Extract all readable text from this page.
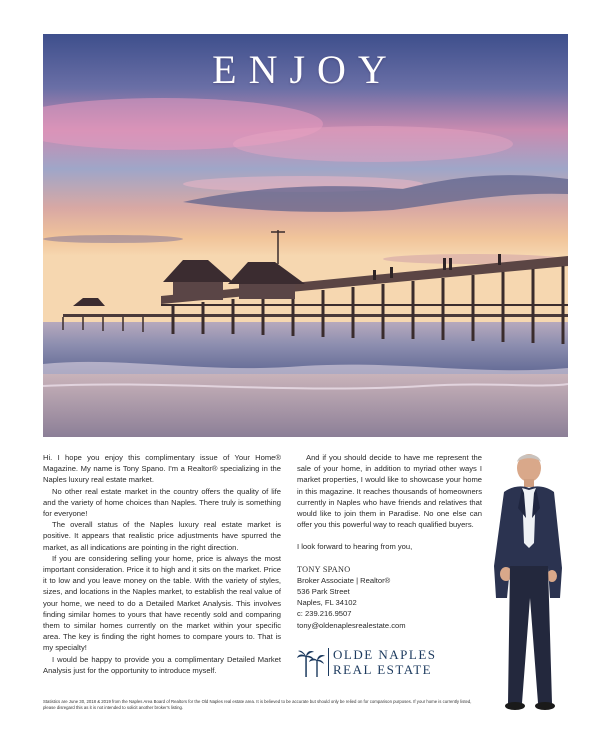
ENJOY

Hi. I hope you enjoy this complimentary issue of Your Home® Magazine. My name is Tony Spano. I'm a Realtor® specializing in the Naples luxury real estate market.

No other real estate market in the country offers the quality of life and the variety of home choices than Naples. There truly is something for everyone!

The overall status of the Naples luxury real estate market is positive. It appears that realistic price adjustments have spurred the market, as all indications are pointing in the right direction.

If you are considering selling your home, price is always the most important consideration. Price it to high and it sits on the market. Price it to low and you leave money on the table. With the variety of styles, sizes, and locations in the Naples market, to establish the real value of your home, we need to do a Detailed Market Analysis. This involves finding similar homes to yours that have recently sold and comparing them to similar homes currently on the market within your specific area. The key is finding the right homes to compare yours to. That is my specialty!

I would be happy to provide you a complimentary Detailed Market Analysis just for the opportunity to introduce myself.

And if you should decide to have me represent the sale of your home, in addition to myriad other ways I market properties, I would like to showcase your home in this magazine. It reaches thousands of homeowners currently in Naples who have friends and relatives that would like to join them in Paradise. No one else can offer you this powerful way to reach qualified buyers.

I look forward to hearing from you,

TONY SPANO
Broker Associate | Realtor®
536 Park Street
Naples, FL 34102
c: 239.216.9507
tony@oldenaplesrealestate.com
OLDE NAPLES
REAL ESTATE
Statistics are June 30, 2018 & 2019 from the Naples Area Board of Realtors for the Old Naples real estate area. It is believed to be accurate but should only be relied on for comparison purposes. If your home is currently listed, please disregard this as it is not intended to solicit another broker's listing.
